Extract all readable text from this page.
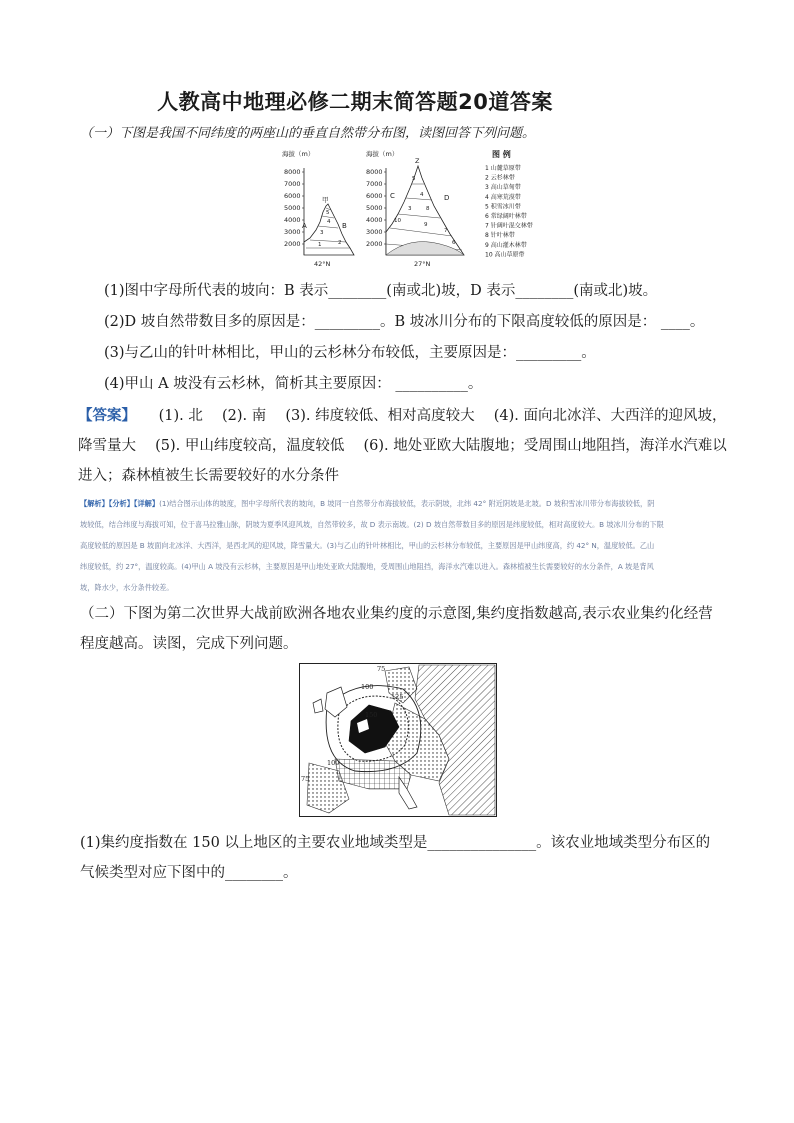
人教高中地理必修二期末简答题20道答案
（一）下图是我国不同纬度的两座山的垂直自然带分布图，读图回答下列问题。
海拔（m）
8000
7000
6000
5000
4000
3000
2000
甲
A	B
1	2
3
4
5
42°N
海拔（m）
8000
7000
6000
5000
4000
3000
2000
Z
C	D
5
4
3	8
10
9
7
6
27°N
图 例
1 山麓草原带
2 云杉林带
3 高山草甸带
4 高寒荒漠带
5 积雪冰川带
6 常绿阔叶林带
7 针阔叶混交林带
8 针叶林带
9 高山灌木林带
10 高山草原带
(1)图中字母所代表的坡向：B 表示________(南或北)坡，D 表示________(南或北)坡。
(2)D 坡自然带数目多的原因是：_________。B 坡冰川分布的下限高度较低的原因是： ____。
(3)与乙山的针叶林相比，甲山的云杉林分布较低，主要原因是：_________。
(4)甲山 A 坡没有云杉林，简析其主要原因： __________。
【答案】 (1). 北　 (2). 南　 (3). 纬度较低、相对高度较大　 (4). 面向北冰洋、大西洋的迎风坡，
降雪量大　 (5). 甲山纬度较高，温度较低　 (6). 地处亚欧大陆腹地；受周围山地阻挡，海洋水汽难以
进入；森林植被生长需要较好的水分条件
【解析】【分析】【详解】(1)结合图示山体的坡度，图中字母所代表的坡向，B 坡同一自然带分布海拔较低，表示阴坡，北纬 42° 附近阴坡是北坡。D 坡积雪冰川带分布海拔较低，阴
坡较低，结合纬度与海拔可知，位于喜马拉雅山脉，阴坡为夏季风迎风坡，自然带较多，故 D 表示南坡。(2) D 坡自然带数目多的原因是纬度较低，相对高度较大。B 坡冰川分布的下限
高度较低的原因是 B 坡面向北冰洋、大西洋，是西北风的迎风坡，降雪量大。(3)与乙山的针叶林相比，甲山的云杉林分布较低，主要原因是甲山纬度高，约 42° N，温度较低。乙山
纬度较低，约 27°，温度较高。(4)甲山 A 坡没有云杉林，主要原因是甲山地处亚欧大陆腹地，受周围山地阻挡，海洋水汽难以进入。森林植被生长需要较好的水分条件，A 坡是背风
坡，降水少，水分条件较差。
（二）下图为第二次世界大战前欧洲各地农业集约度的示意图,集约度指数越高,表示农业集约化经营程度越高。读图，完成下列问题。
75
100
125
150
100
75
(1)集约度指数在 150 以上地区的主要农业地域类型是_______________。该农业地域类型分布区的气候类型对应下图中的________。
